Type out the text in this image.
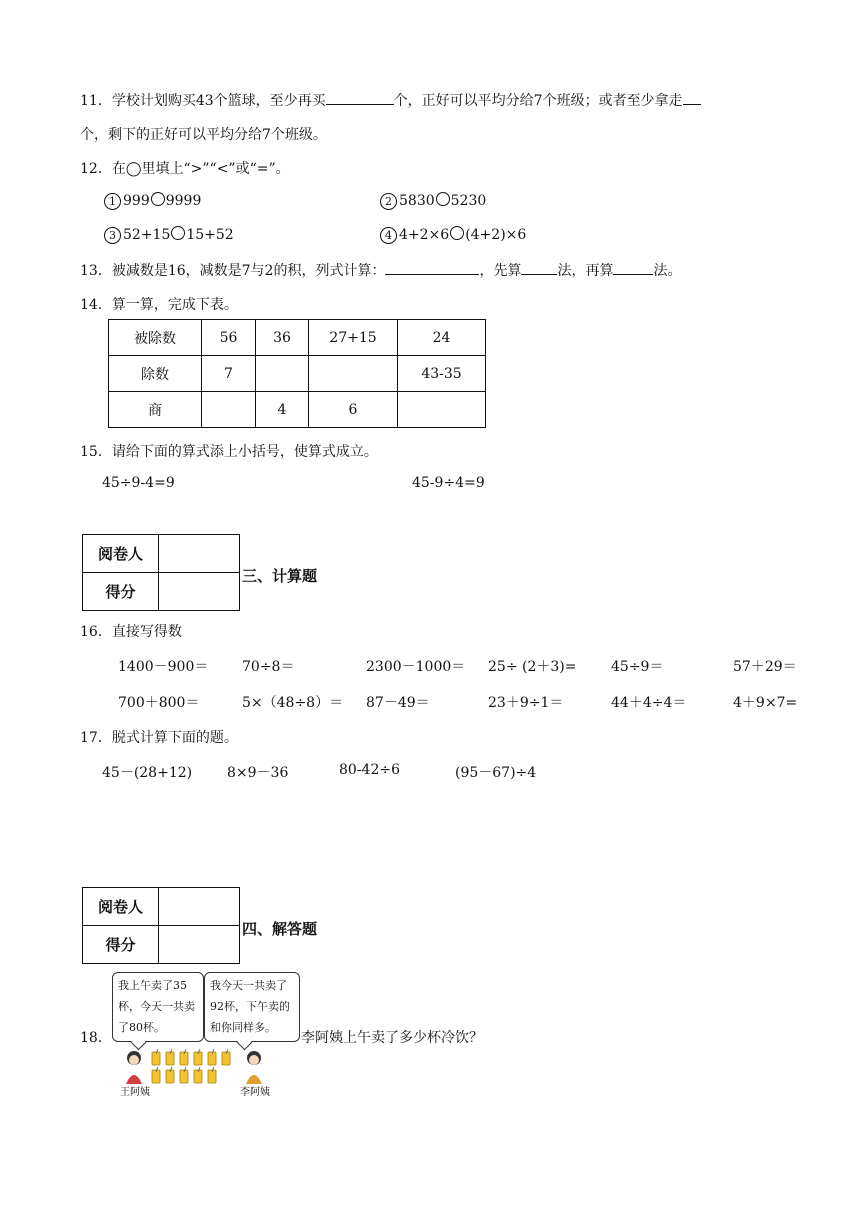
11．学校计划购买43个篮球，至少再买	个，正好可以平均分给7个班级；或者至少拿走
个，剩下的正好可以平均分给7个班级。
12．在◯里填上“>”“<”或“=”。
1 999 9999	2 5830 5230
3 52+15 15+52	4 4+2×6 (4+2)×6
13．被减数是16，减数是7与2的积，列式计算：	，先算	法，再算	法。
14．算一算，完成下表。
被除数	56	36	27+15	24
除数	7			43-35
商		4	6	
15．请给下面的算式添上小括号，使算式成立。
45÷9-4=9	45-9÷4=9
阅卷人	
得分	
三、计算题
16．直接写得数
1400－900＝ 70÷8＝	2300－1000＝ 25÷ (2＋3)= 45÷9＝	57＋29＝
700＋800＝	5×（48÷8）＝ 87－49＝	23＋9÷1＝	44＋4÷4＝	4＋9×7=
17．脱式计算下面的题。
45－(28+12) 8×9－36	80-42÷6	(95－67)÷4
阅卷人	
得分	
四、解答题
18．
我上午卖了35杯，今天一共卖了80杯。
我今天一共卖了92杯，下午卖的和你同样多。
王阿姨	李阿姨
李阿姨上午卖了多少杯冷饮？
